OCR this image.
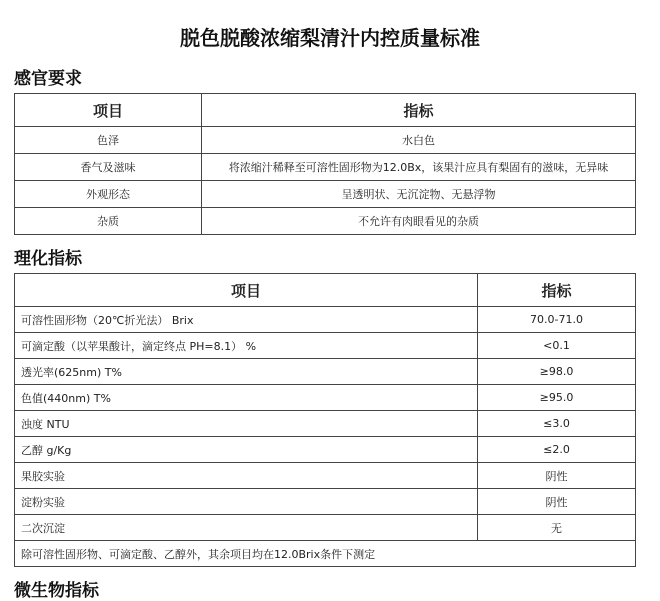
脱色脱酸浓缩梨清汁内控质量标准
感官要求
项目	指标
色泽	水白色
香气及滋味	将浓缩汁稀释至可溶性固形物为12.0Bx，该果汁应具有梨固有的滋味，无异味
外观形态	呈透明状、无沉淀物、无悬浮物
杂质	不允许有肉眼看见的杂质
理化指标
项目	指标
可溶性固形物（20℃折光法） Brix	70.0-71.0
可滴定酸（以苹果酸计，滴定终点 PH=8.1） %	<0.1
透光率(625nm) T%	≥98.0
色值(440nm) T%	≥95.0
浊度 NTU	≤3.0
乙醇 g/Kg	≤2.0
果胶实验	阴性
淀粉实验	阴性
二次沉淀	无
除可溶性固形物、可滴定酸、乙醇外，其余项目均在12.0Brix条件下测定	
微生物指标
